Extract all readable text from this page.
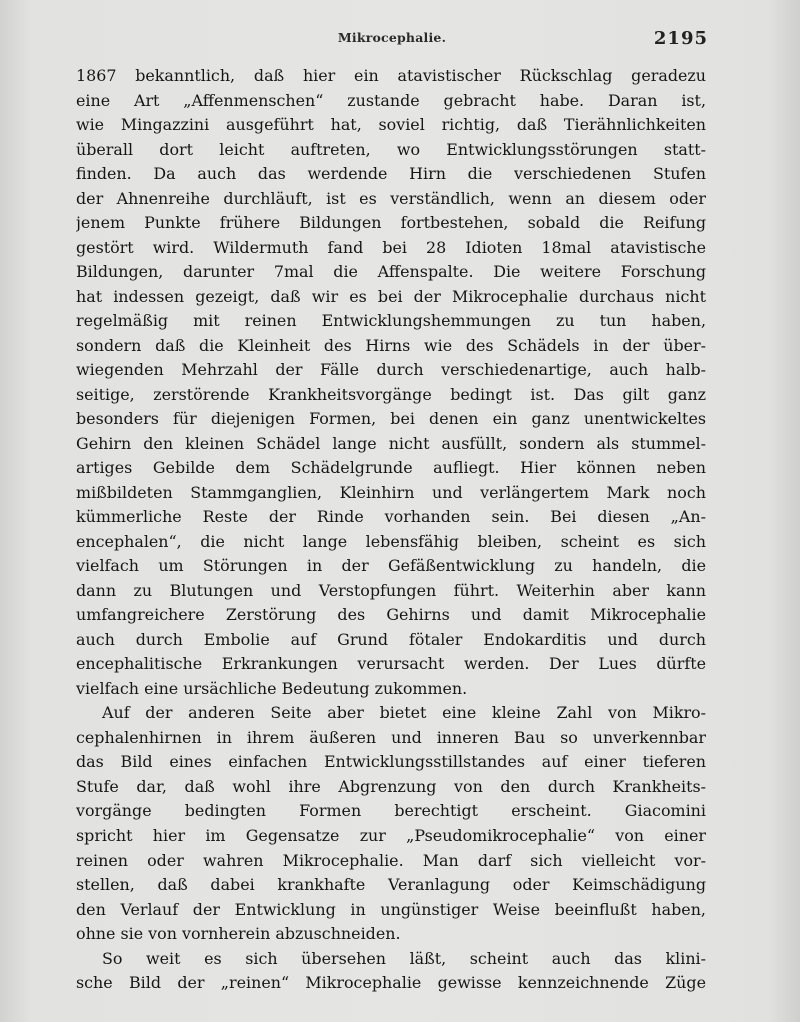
Mikrocephalie.	2195
1867 bekanntlich, daß hier ein atavistischer Rückschlag geradezu
eine Art „Affenmenschen“ zustande gebracht habe. Daran ist,
wie Mingazzini ausgeführt hat, soviel richtig, daß Tierähnlichkeiten
überall dort leicht auftreten, wo Entwicklungsstörungen statt-
finden. Da auch das werdende Hirn die verschiedenen Stufen
der Ahnenreihe durchläuft, ist es verständlich, wenn an diesem oder
jenem Punkte frühere Bildungen fortbestehen, sobald die Reifung
gestört wird. Wildermuth fand bei 28 Idioten 18mal atavistische
Bildungen, darunter 7mal die Affenspalte. Die weitere Forschung
hat indessen gezeigt, daß wir es bei der Mikrocephalie durchaus nicht
regelmäßig mit reinen Entwicklungshemmungen zu tun haben,
sondern daß die Kleinheit des Hirns wie des Schädels in der über-
wiegenden Mehrzahl der Fälle durch verschiedenartige, auch halb-
seitige, zerstörende Krankheitsvorgänge bedingt ist. Das gilt ganz
besonders für diejenigen Formen, bei denen ein ganz unentwickeltes
Gehirn den kleinen Schädel lange nicht ausfüllt, sondern als stummel-
artiges Gebilde dem Schädelgrunde aufliegt. Hier können neben
mißbildeten Stammganglien, Kleinhirn und verlängertem Mark noch
kümmerliche Reste der Rinde vorhanden sein. Bei diesen „An-
encephalen“, die nicht lange lebensfähig bleiben, scheint es sich
vielfach um Störungen in der Gefäßentwicklung zu handeln, die
dann zu Blutungen und Verstopfungen führt. Weiterhin aber kann
umfangreichere Zerstörung des Gehirns und damit Mikrocephalie
auch durch Embolie auf Grund fötaler Endokarditis und durch
encephalitische Erkrankungen verursacht werden. Der Lues dürfte
vielfach eine ursächliche Bedeutung zukommen.
Auf der anderen Seite aber bietet eine kleine Zahl von Mikro-
cephalenhirnen in ihrem äußeren und inneren Bau so unverkennbar
das Bild eines einfachen Entwicklungsstillstandes auf einer tieferen
Stufe dar, daß wohl ihre Abgrenzung von den durch Krankheits-
vorgänge bedingten Formen berechtigt erscheint. Giacomini
spricht hier im Gegensatze zur „Pseudomikrocephalie“ von einer
reinen oder wahren Mikrocephalie. Man darf sich vielleicht vor-
stellen, daß dabei krankhafte Veranlagung oder Keimschädigung
den Verlauf der Entwicklung in ungünstiger Weise beeinflußt haben,
ohne sie von vornherein abzuschneiden.
So weit es sich übersehen läßt, scheint auch das klini-
sche Bild der „reinen“ Mikrocephalie gewisse kennzeichnende Züge
